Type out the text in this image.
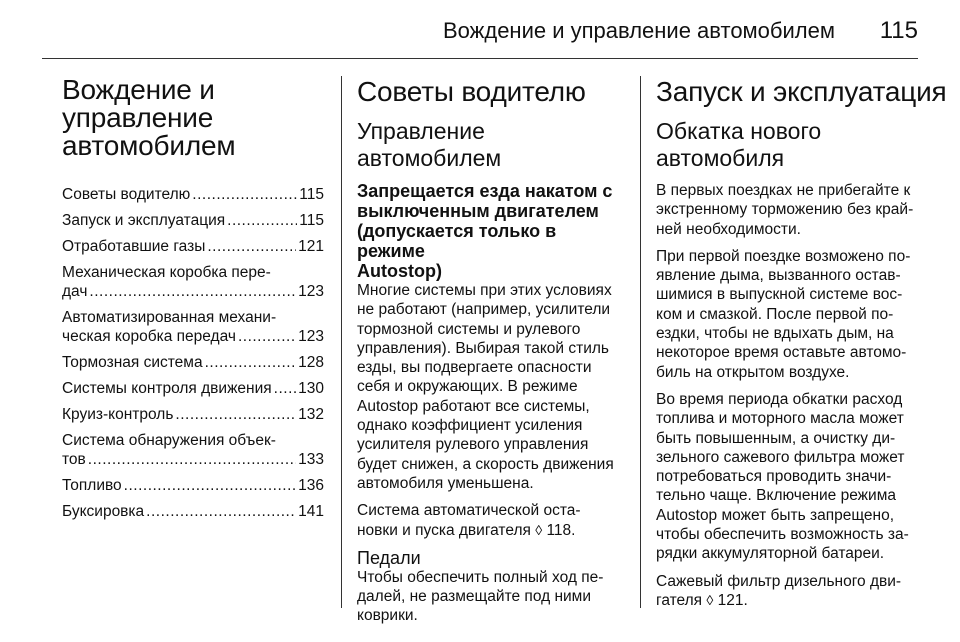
Вождение и управление автомобилем 115
Вождение и
управление
автомобилем
Советы водителю .....	115
Запуск и эксплуатация .....	115
Отработавшие газы .....	121
Механическая коробка пере-
дач .....	123
Автоматизированная механи-
ческая коробка передач .....	123
Тормозная система .....	128
Системы контроля движения ..... 130
Круиз-контроль .....	132
Система обнаружения объек-
тов .....	133
Топливо .....	136
Буксировка .....	141
Советы водителю
Управление
автомобилем
Запрещается езда накатом с
выключенным двигателем
(допускается только в режиме
Autostop)

Многие системы при этих условиях
не работают (например, усилители
тормозной системы и рулевого
управления). Выбирая такой стиль
езды, вы подвергаете опасности
себя и окружающих. В режиме
Autostop работают все системы,
однако коэффициент усиления
усилителя рулевого управления
будет снижен, а скорость движения
автомобиля уменьшена.

Система автоматической оста-
новки и пуска двигателя ◊ 118.

Педали

Чтобы обеспечить полный ход пе-
далей, не размещайте под ними
коврики.

Запуск и эксплуатация
Обкатка нового
автомобиля

В первых поездках не прибегайте к
экстренному торможению без край-
ней необходимости.

При первой поездке возможено по-
явление дыма, вызванного остав-
шимися в выпускной системе вос-
ком и смазкой. После первой по-
ездки, чтобы не вдыхать дым, на
некоторое время оставьте автомо-
биль на открытом воздухе.

Во время периода обкатки расход
топлива и моторного масла может
быть повышенным, а очистку ди-
зельного сажевого фильтра может
потребоваться проводить значи-
тельно чаще. Включение режима
Autostop может быть запрещено,
чтобы обеспечить возможность за-
рядки аккумуляторной батареи.

Сажевый фильтр дизельного дви-
гателя ◊ 121.
